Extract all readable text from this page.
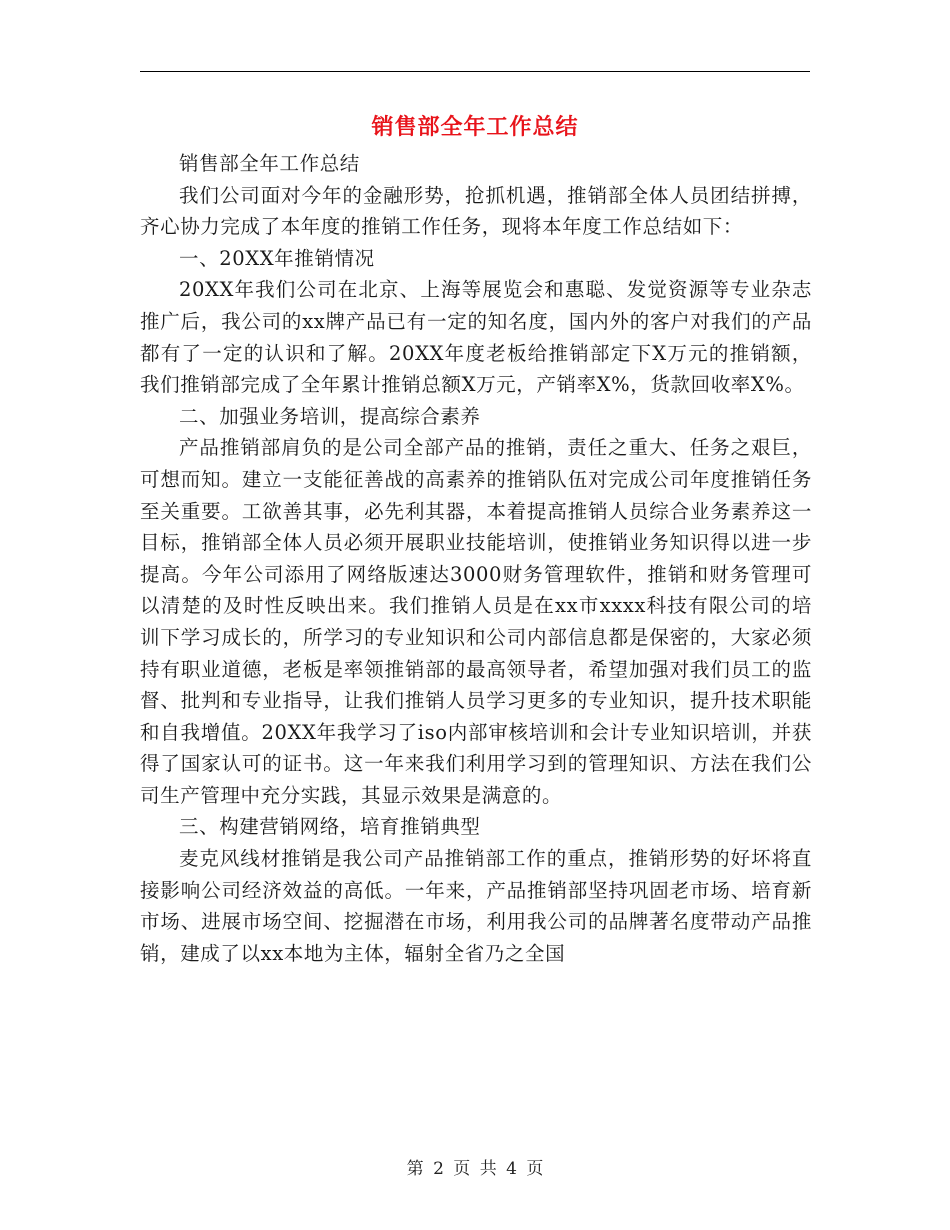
销售部全年工作总结

销售部全年工作总结

我们公司面对今年的金融形势，抢抓机遇，推销部全体人员团结拼搏，齐心协力完成了本年度的推销工作任务，现将本年度工作总结如下：

一、20XX年推销情况

20XX年我们公司在北京、上海等展览会和惠聪、发觉资源等专业杂志推广后，我公司的xx牌产品已有一定的知名度，国内外的客户对我们的产品都有了一定的认识和了解。20XX年度老板给推销部定下X万元的推销额，我们推销部完成了全年累计推销总额X万元，产销率X%，货款回收率X%。

二、加强业务培训，提高综合素养

产品推销部肩负的是公司全部产品的推销，责任之重大、任务之艰巨，可想而知。建立一支能征善战的高素养的推销队伍对完成公司年度推销任务至关重要。工欲善其事，必先利其器，本着提高推销人员综合业务素养这一目标，推销部全体人员必须开展职业技能培训，使推销业务知识得以进一步提高。今年公司添用了网络版速达3000财务管理软件，推销和财务管理可以清楚的及时性反映出来。我们推销人员是在xx市xxxx科技有限公司的培训下学习成长的，所学习的专业知识和公司内部信息都是保密的，大家必须持有职业道德，老板是率领推销部的最高领导者，希望加强对我们员工的监督、批判和专业指导，让我们推销人员学习更多的专业知识，提升技术职能和自我增值。20XX年我学习了iso内部审核培训和会计专业知识培训，并获得了国家认可的证书。这一年来我们利用学习到的管理知识、方法在我们公司生产管理中充分实践，其显示效果是满意的。

三、构建营销网络，培育推销典型

麦克风线材推销是我公司产品推销部工作的重点，推销形势的好坏将直接影响公司经济效益的高低。一年来，产品推销部坚持巩固老市场、培育新市场、进展市场空间、挖掘潜在市场，利用我公司的品牌著名度带动产品推销，建成了以xx本地为主体，辐射全省乃之全国

第 2 页 共 4 页
